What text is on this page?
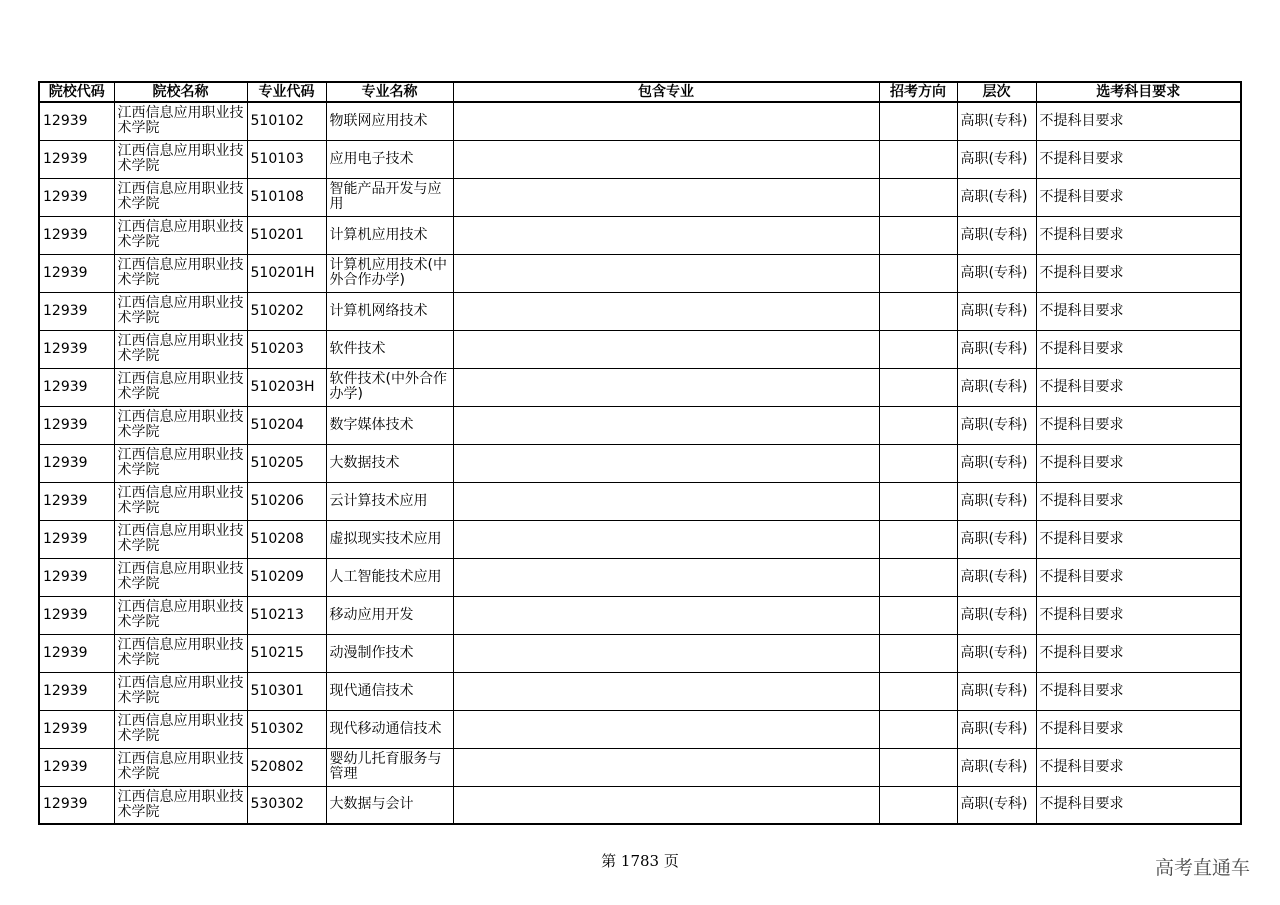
院校代码	院校名称	专业代码	专业名称	包含专业	招考方向	层次	选考科目要求
12939	江西信息应用职业技术学院	510102	物联网应用技术			高职(专科)	不提科目要求
12939	江西信息应用职业技术学院	510103	应用电子技术			高职(专科)	不提科目要求
12939	江西信息应用职业技术学院	510108	智能产品开发与应用			高职(专科)	不提科目要求
12939	江西信息应用职业技术学院	510201	计算机应用技术			高职(专科)	不提科目要求
12939	江西信息应用职业技术学院	510201H	计算机应用技术(中外合作办学)			高职(专科)	不提科目要求
12939	江西信息应用职业技术学院	510202	计算机网络技术			高职(专科)	不提科目要求
12939	江西信息应用职业技术学院	510203	软件技术			高职(专科)	不提科目要求
12939	江西信息应用职业技术学院	510203H	软件技术(中外合作办学)			高职(专科)	不提科目要求
12939	江西信息应用职业技术学院	510204	数字媒体技术			高职(专科)	不提科目要求
12939	江西信息应用职业技术学院	510205	大数据技术			高职(专科)	不提科目要求
12939	江西信息应用职业技术学院	510206	云计算技术应用			高职(专科)	不提科目要求
12939	江西信息应用职业技术学院	510208	虚拟现实技术应用			高职(专科)	不提科目要求
12939	江西信息应用职业技术学院	510209	人工智能技术应用			高职(专科)	不提科目要求
12939	江西信息应用职业技术学院	510213	移动应用开发			高职(专科)	不提科目要求
12939	江西信息应用职业技术学院	510215	动漫制作技术			高职(专科)	不提科目要求
12939	江西信息应用职业技术学院	510301	现代通信技术			高职(专科)	不提科目要求
12939	江西信息应用职业技术学院	510302	现代移动通信技术			高职(专科)	不提科目要求
12939	江西信息应用职业技术学院	520802	婴幼儿托育服务与管理			高职(专科)	不提科目要求
12939	江西信息应用职业技术学院	530302	大数据与会计			高职(专科)	不提科目要求
第 1783 页	高考直通车
